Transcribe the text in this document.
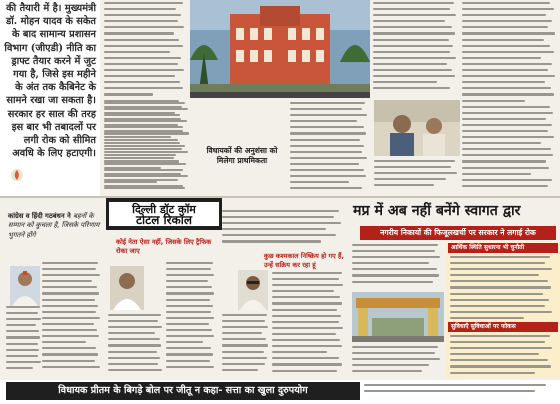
की तैयारी में है। मुख्यमंत्री डॉ. मोहन यादव के सकेत के बाद सामान्य प्रशासन विभाग (जीएडी) नीति का ड्राफ्ट तैयार करने में जुट गया है, जिसे इस महीने के अंत तक कैबिनेट के सामने रखा जा सकता है। सरकार हर साल की तरह इस बार भी तबादलों पर लगी रोक को सीमित अवधि के लिए हटाएगी।	विधायकों की अनुशंसा को मिलेगा प्राथमिकता
कांग्रेस व हिंदी गठबंधन ने बहनों के सम्मान को कुचला है, जिसके परिणाम भुगतने होंगे
दिल्ली डॉट कॉम
टोटल रिकॉल
कोई नेता ऐसा नहीं, जिसके लिए ट्रैफिक रोका जाए
कुछ कश्मकाल निष्क्रिय हो गए हैं, उन्हें सक्रिय कर रहा हूं
मप्र में अब नहीं बनेंगे स्वागत द्वार
नगरीय निकायों की फिजूलखर्ची पर सरकार ने लगाई रोक
आर्थिक स्थिति सुधारना भी चुनौती
सुविधाएँ सुविधाओं पर फोकस
विधायक प्रीतम के बिगड़े बोल पर जीतू न कहा- सत्ता का खुला दुरुपयोग
